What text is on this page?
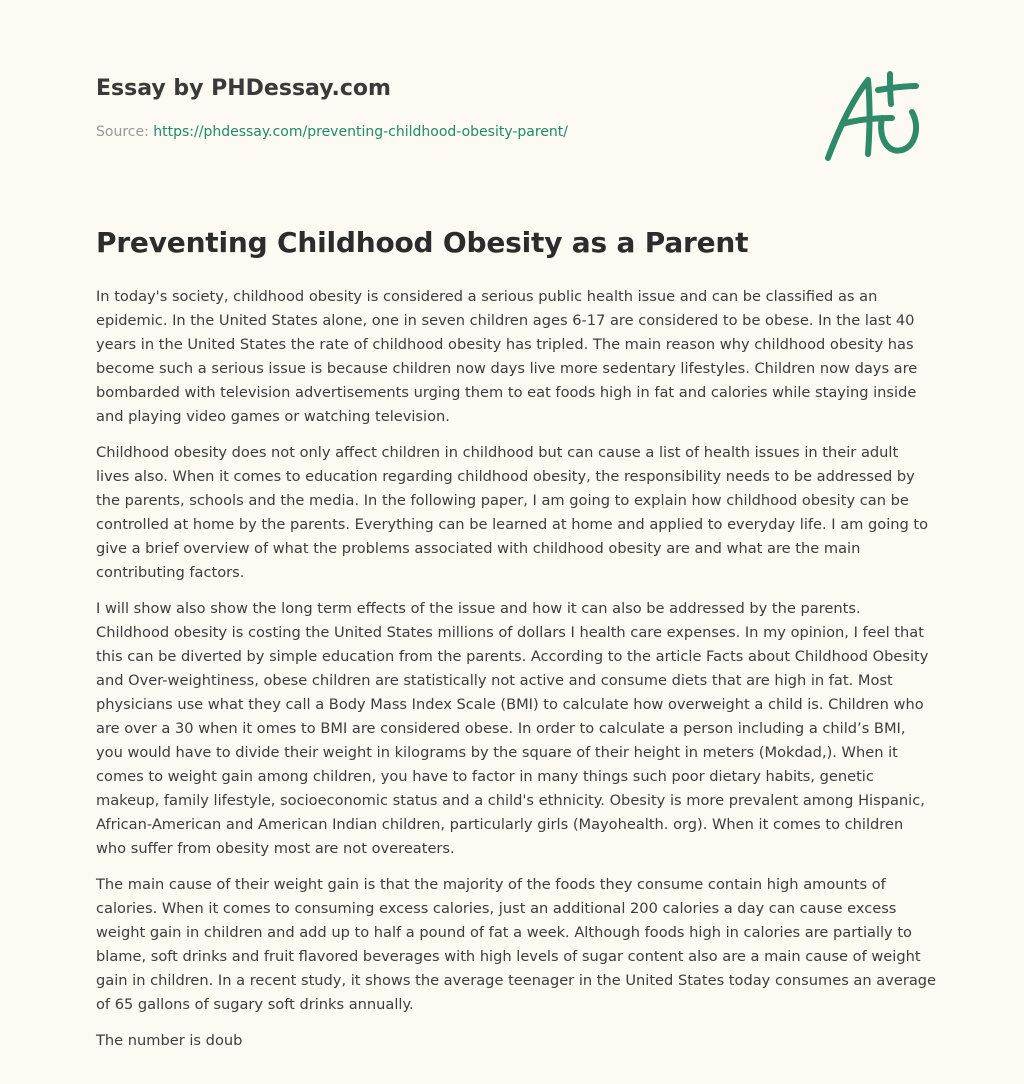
Essay by PHDessay.com
Source: https://phdessay.com/preventing-childhood-obesity-parent/
Preventing Childhood Obesity as a Parent

In today's society, childhood obesity is considered a serious public health issue and can be classified as an epidemic. In the United States alone, one in seven children ages 6-17 are considered to be obese. In the last 40 years in the United States the rate of childhood obesity has tripled. The main reason why childhood obesity has become such a serious issue is because children now days live more sedentary lifestyles. Children now days are bombarded with television advertisements urging them to eat foods high in fat and calories while staying inside and playing video games or watching television.

Childhood obesity does not only affect children in childhood but can cause a list of health issues in their adult lives also. When it comes to education regarding childhood obesity, the responsibility needs to be addressed by the parents, schools and the media. In the following paper, I am going to explain how childhood obesity can be controlled at home by the parents. Everything can be learned at home and applied to everyday life. I am going to give a brief overview of what the problems associated with childhood obesity are and what are the main contributing factors.

I will show also show the long term effects of the issue and how it can also be addressed by the parents. Childhood obesity is costing the United States millions of dollars I health care expenses. In my opinion, I feel that this can be diverted by simple education from the parents. According to the article Facts about Childhood Obesity and Over-weightiness, obese children are statistically not active and consume diets that are high in fat. Most physicians use what they call a Body Mass Index Scale (BMI) to calculate how overweight a child is. Children who are over a 30 when it omes to BMI are considered obese. In order to calculate a person including a child’s BMI, you would have to divide their weight in kilograms by the square of their height in meters (Mokdad,). When it comes to weight gain among children, you have to factor in many things such poor dietary habits, genetic makeup, family lifestyle, socioeconomic status and a child's ethnicity. Obesity is more prevalent among Hispanic, African-American and American Indian children, particularly girls (Mayohealth. org). When it comes to children who suffer from obesity most are not overeaters.

The main cause of their weight gain is that the majority of the foods they consume contain high amounts of calories. When it comes to consuming excess calories, just an additional 200 calories a day can cause excess weight gain in children and add up to half a pound of fat a week. Although foods high in calories are partially to blame, soft drinks and fruit flavored beverages with high levels of sugar content also are a main cause of weight gain in children. In a recent study, it shows the average teenager in the United States today consumes an average of 65 gallons of sugary soft drinks annually.

The number is doub
